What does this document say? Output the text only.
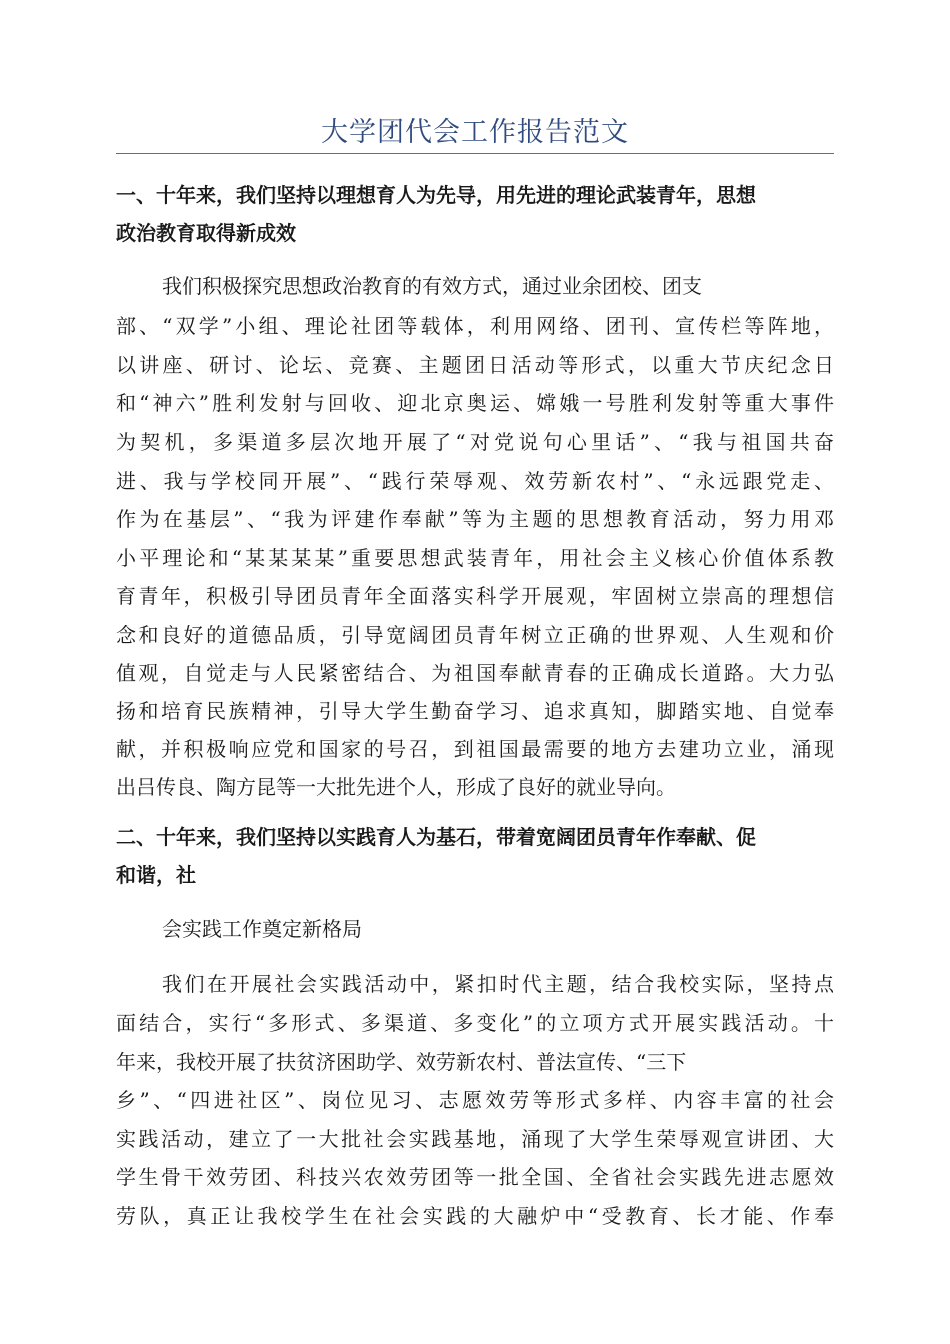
大学团代会工作报告范文
一、十年来，我们坚持以理想育人为先导，用先进的理论武装青年，思想
政治教育取得新成效
我们积极探究思想政治教育的有效方式，通过业余团校、团支
部、“双学”小组、理论社团等载体，利用网络、团刊、宣传栏等阵地，
以讲座、研讨、论坛、竞赛、主题团日活动等形式，以重大节庆纪念日
和“神六”胜利发射与回收、迎北京奥运、嫦娥一号胜利发射等重大事件
为契机，多渠道多层次地开展了“对党说句心里话”、“我与祖国共奋
进、我与学校同开展”、“践行荣辱观、效劳新农村”、“永远跟党走、
作为在基层”、“我为评建作奉献”等为主题的思想教育活动，努力用邓
小平理论和“某某某某”重要思想武装青年，用社会主义核心价值体系教
育青年，积极引导团员青年全面落实科学开展观，牢固树立崇高的理想信
念和良好的道德品质，引导宽阔团员青年树立正确的世界观、人生观和价
值观，自觉走与人民紧密结合、为祖国奉献青春的正确成长道路。大力弘
扬和培育民族精神，引导大学生勤奋学习、追求真知，脚踏实地、自觉奉
献，并积极响应党和国家的号召，到祖国最需要的地方去建功立业，涌现
出吕传良、陶方昆等一大批先进个人，形成了良好的就业导向。
二、十年来，我们坚持以实践育人为基石，带着宽阔团员青年作奉献、促
和谐，社
会实践工作奠定新格局
我们在开展社会实践活动中，紧扣时代主题，结合我校实际，坚持点
面结合，实行“多形式、多渠道、多变化”的立项方式开展实践活动。十
年来，我校开展了扶贫济困助学、效劳新农村、普法宣传、“三下
乡”、“四进社区”、岗位见习、志愿效劳等形式多样、内容丰富的社会
实践活动，建立了一大批社会实践基地，涌现了大学生荣辱观宣讲团、大
学生骨干效劳团、科技兴农效劳团等一批全国、全省社会实践先进志愿效
劳队，真正让我校学生在社会实践的大融炉中“受教育、长才能、作奉
